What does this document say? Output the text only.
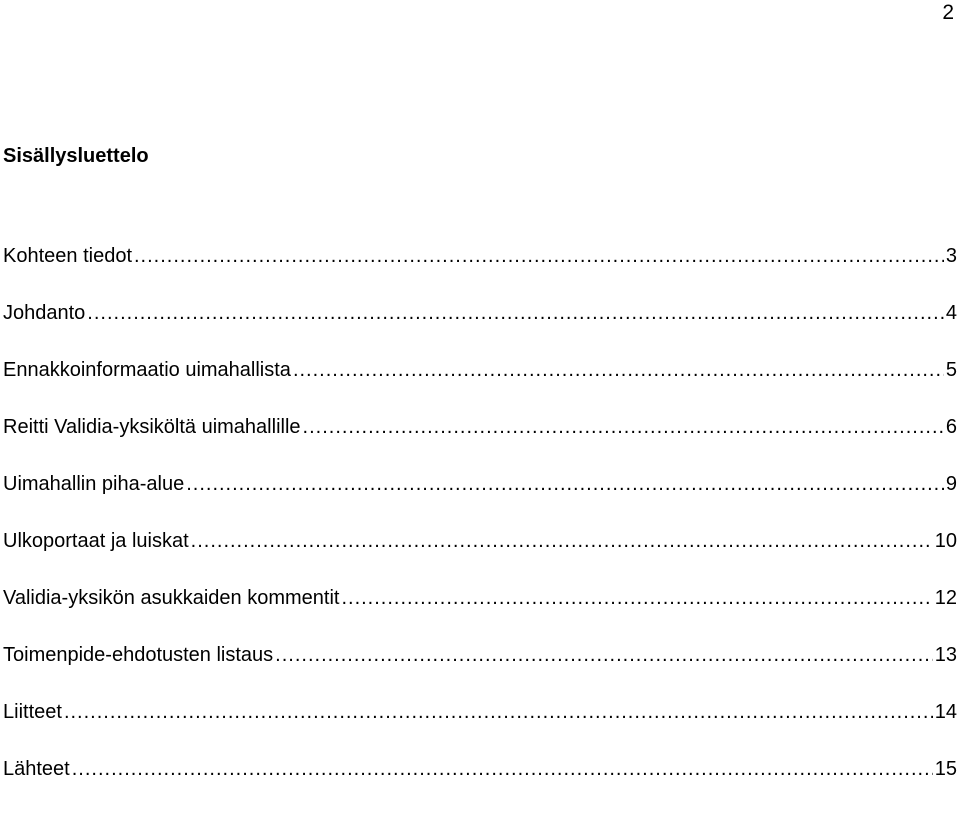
2
Sisällysluettelo
Kohteen tiedot .....	3
Johdanto .....	4
Ennakkoinformaatio uimahallista .....	5
Reitti Validia-yksiköltä uimahallille .....	6
Uimahallin piha-alue .....	9
Ulkoportaat ja luiskat .....	10
Validia-yksikön asukkaiden kommentit .....	12
Toimenpide-ehdotusten listaus .....	13
Liitteet .....	14
Lähteet .....	15
